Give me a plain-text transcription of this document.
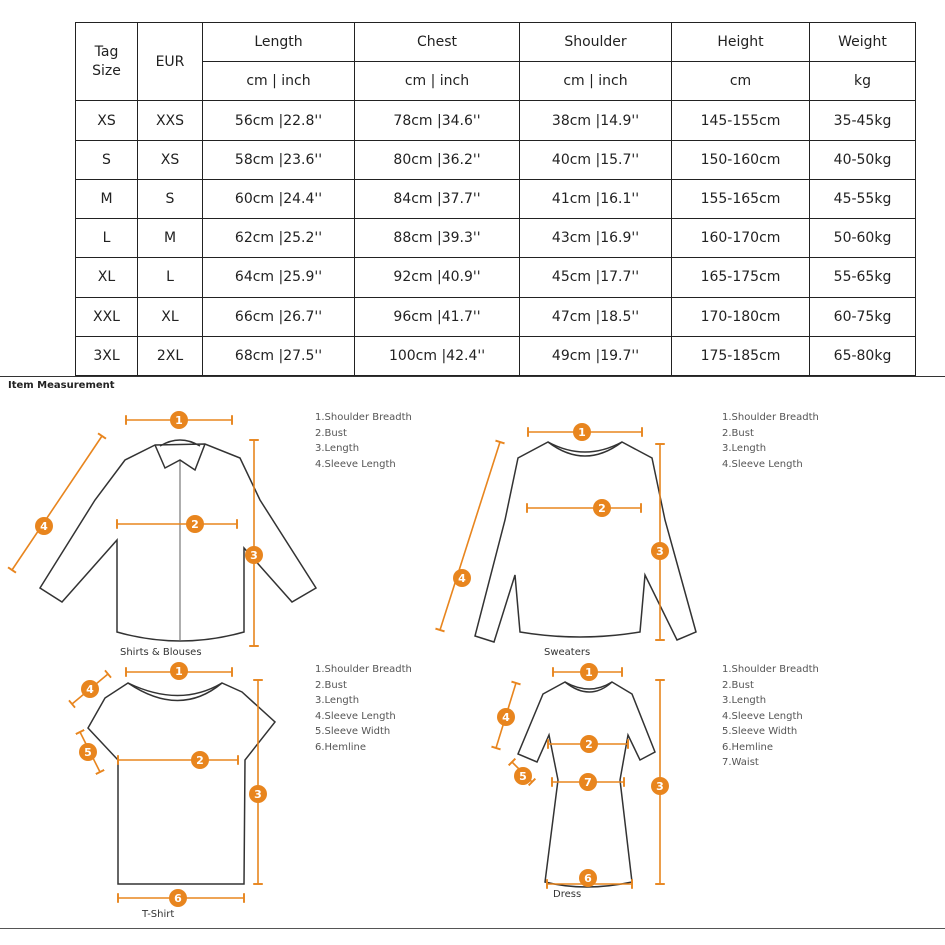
Tag Size	EUR	Length	Chest	Shoulder	Height	Weight
		cm | inch	cm | inch	cm | inch	cm	kg
XS	XXS	56cm |22.8''	78cm |34.6''	38cm |14.9''	145-155cm	35-45kg
S	XS	58cm |23.6''	80cm |36.2''	40cm |15.7''	150-160cm	40-50kg
M	S	60cm |24.4''	84cm |37.7''	41cm |16.1''	155-165cm	45-55kg
L	M	62cm |25.2''	88cm |39.3''	43cm |16.9''	160-170cm	50-60kg
XL	L	64cm |25.9''	92cm |40.9''	45cm |17.7''	165-175cm	55-65kg
XXL	XL	66cm |26.7''	96cm |41.7''	47cm |18.5''	170-180cm	60-75kg
3XL	2XL	68cm |27.5''	100cm |42.4''	49cm |19.7''	175-185cm	65-80kg
Item Measurement
1
2
3
4
1
2
3
4
1
2
3
4
5
6
1
2
3
4
5
6
7
1.Shoulder Breadth
2.Bust
3.Length
4.Sleeve Length
1.Shoulder Breadth
2.Bust
3.Length
4.Sleeve Length
1.Shoulder Breadth
2.Bust
3.Length
4.Sleeve Length
5.Sleeve Width
6.Hemline
1.Shoulder Breadth
2.Bust
3.Length
4.Sleeve Length
5.Sleeve Width
6.Hemline
7.Waist
Shirts & Blouses	Sweaters
T-Shirt
Dress
